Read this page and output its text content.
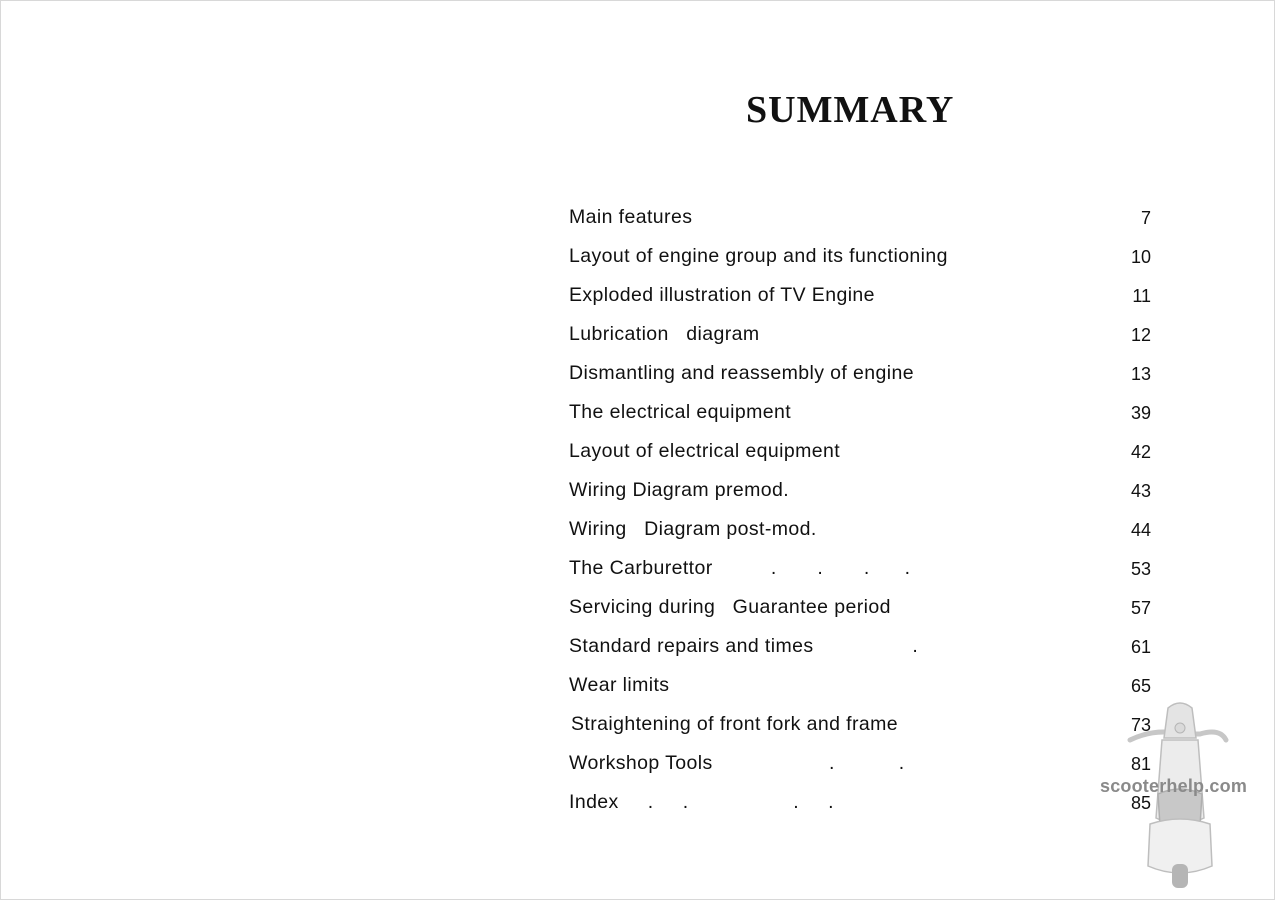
SUMMARY
Main features	7
Layout of engine group and its functioning	10
Exploded illustration of TV Engine	11
Lubrication   diagram	12
Dismantling and reassembly of engine	13
The electrical equipment	39
Layout of electrical equipment	42
Wiring Diagram premod.	43
Wiring   Diagram post-mod.	44
The Carburettor          .       .       .      .	53
Servicing during   Guarantee period	57
Standard repairs and times                 .	61
Wear limits	65
Straightening of front fork and frame	73
Workshop Tools                    .           .	81
Index     .     .                  .     .	85
scooterhelp.com
